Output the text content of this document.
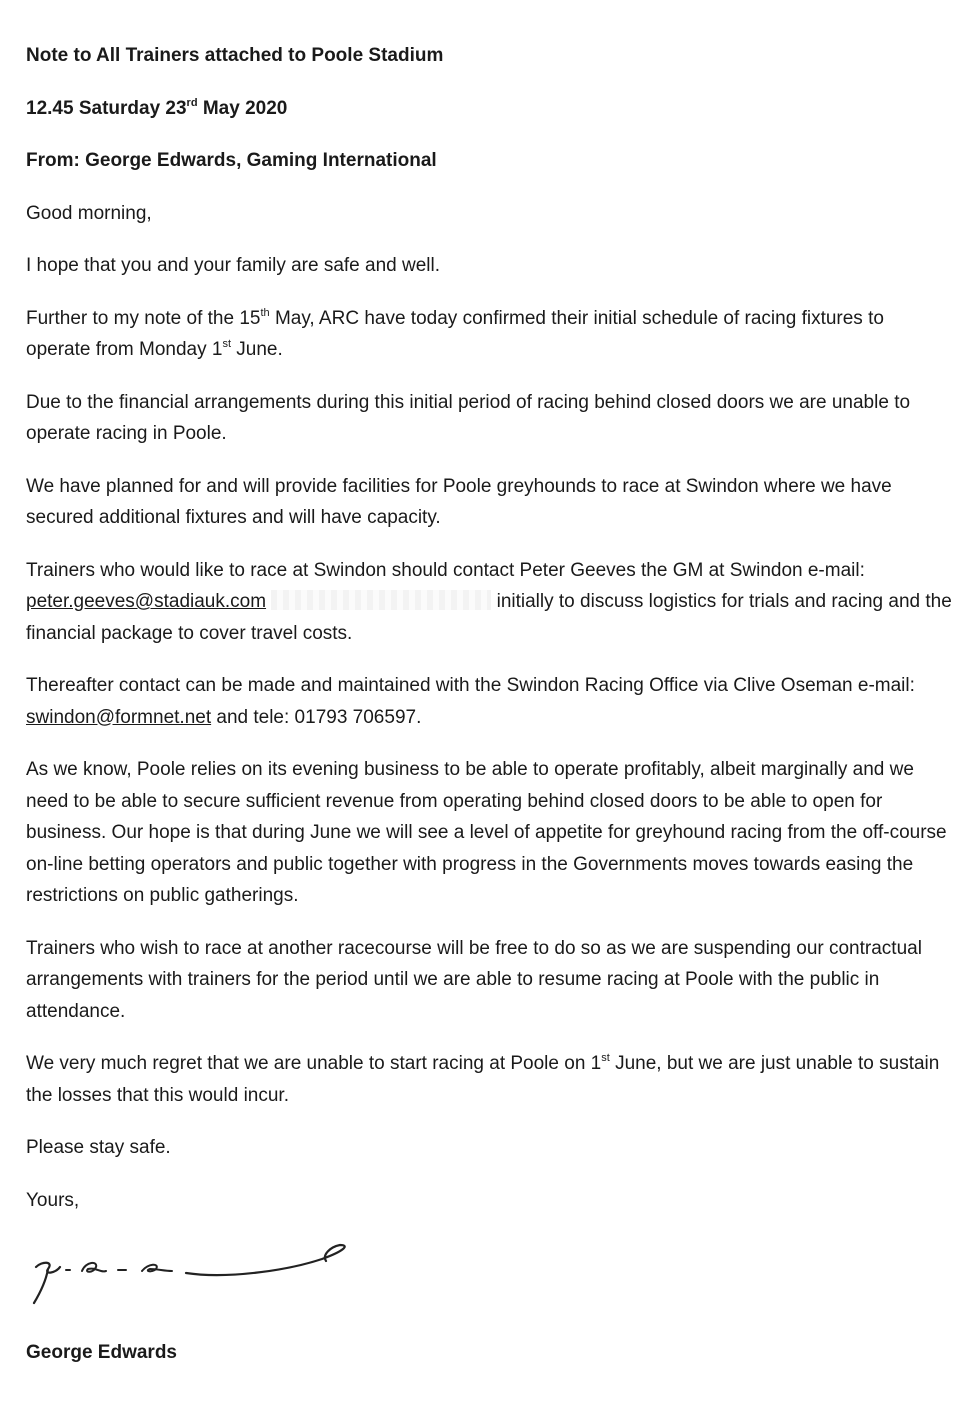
Note to All Trainers attached to Poole Stadium

12.45 Saturday 23rd May 2020

From: George Edwards, Gaming International

Good morning,

I hope that you and your family are safe and well.

Further to my note of the 15th May, ARC have today confirmed their initial schedule of racing fixtures to operate from Monday 1st June.

Due to the financial arrangements during this initial period of racing behind closed doors we are unable to operate racing in Poole.

We have planned for and will provide facilities for Poole greyhounds to race at Swindon where we have secured additional fixtures and will have capacity.

Trainers who would like to race at Swindon should contact Peter Geeves the GM at Swindon e-mail: peter.geeves@stadiauk.com	initially to discuss logistics for trials and racing and the financial package to cover travel costs.

Thereafter contact can be made and maintained with the Swindon Racing Office via Clive Oseman e-mail: swindon@formnet.net and tele: 01793 706597.

As we know, Poole relies on its evening business to be able to operate profitably, albeit marginally and we need to be able to secure sufficient revenue from operating behind closed doors to be able to open for business. Our hope is that during June we will see a level of appetite for greyhound racing from the off-course on-line betting operators and public together with progress in the Governments moves towards easing the restrictions on public gatherings.

Trainers who wish to race at another racecourse will be free to do so as we are suspending our contractual arrangements with trainers for the period until we are able to resume racing at Poole with the public in attendance.

We very much regret that we are unable to start racing at Poole on 1st June, but we are just unable to sustain the losses that this would incur.

Please stay safe.

Yours,

George Edwards
